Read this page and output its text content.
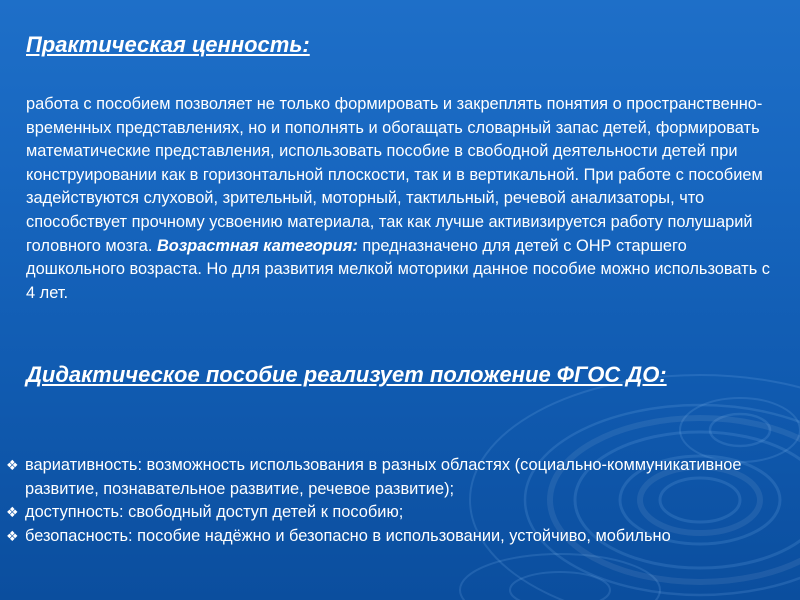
Практическая ценность:

работа с пособием позволяет не только формировать и закреплять понятия о пространственно-временных представлениях, но и пополнять и обогащать словарный запас детей, формировать математические представления, использовать пособие в свободной деятельности детей при конструировании как в горизонтальной плоскости, так и в вертикальной. При работе с пособием задействуются слуховой, зрительный, моторный, тактильный, речевой анализаторы, что способствует прочному усвоению материала, так как лучше активизируется работу полушарий головного мозга. Возрастная категория: предназначено для детей с ОНР старшего дошкольного возраста. Но для развития мелкой моторики данное пособие можно использовать с 4 лет.

Дидактическое пособие реализует положение ФГОС ДО:
❖ вариативность: возможность использования в разных областях (социально-коммуникативное развитие, познавательное развитие, речевое развитие);
❖ доступность: свободный доступ детей к пособию;
❖ безопасность: пособие надёжно и безопасно в использовании, устойчиво, мобильно
